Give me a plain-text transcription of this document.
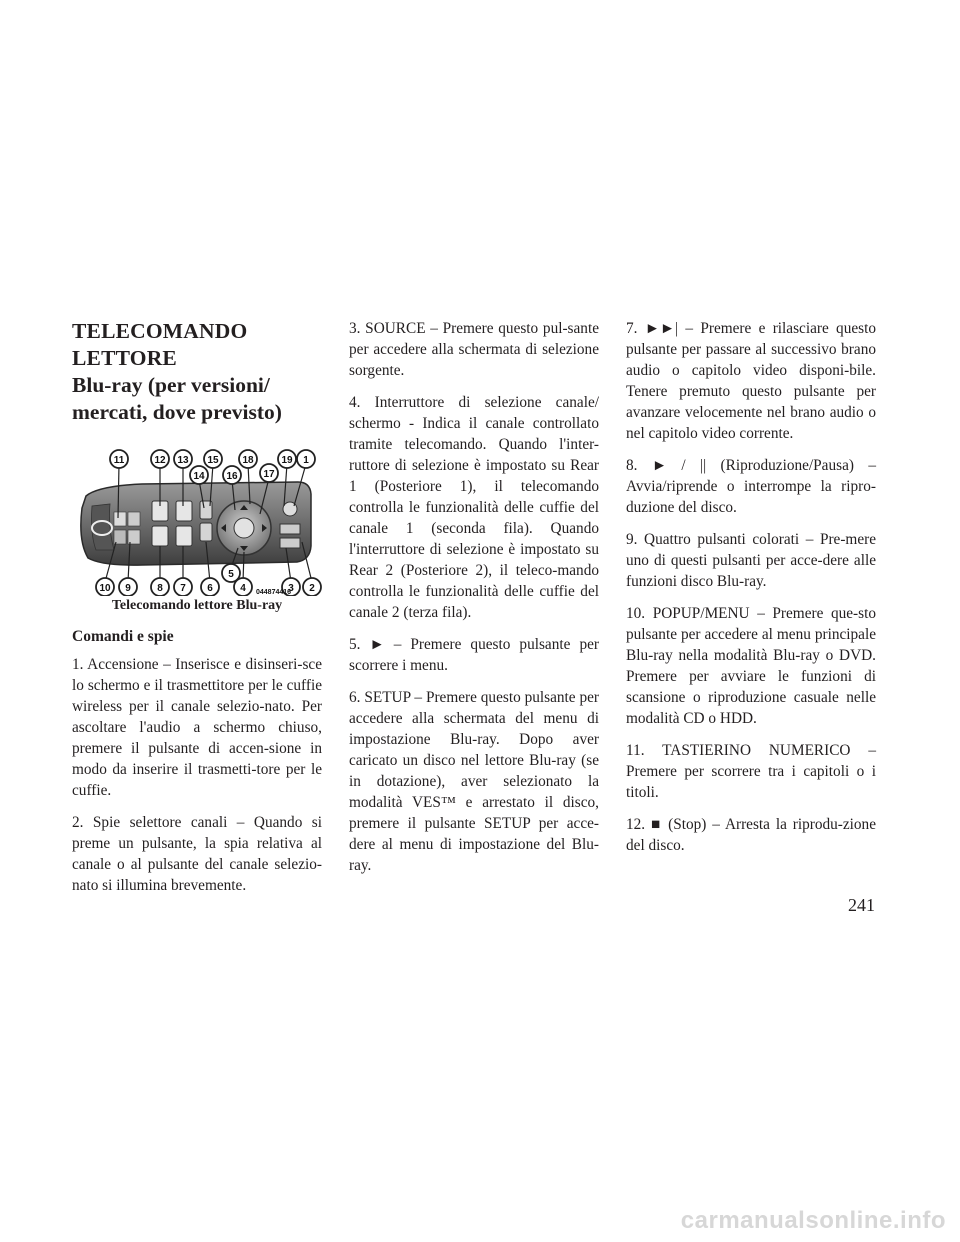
TELECOMANDO LETTORE
Blu-ray (per versioni/
mercati, dove previsto)
11	12 13
14
15
16
18
17
19 1
10 9	8 7 6
5
4	3 2
044874416
Telecomando lettore Blu-ray
Comandi e spie

1. Accensione – Inserisce e disinseri-sce lo schermo e il trasmettitore per le cuffie wireless per il canale selezio-nato. Per ascoltare l'audio a schermo chiuso, premere il pulsante di accen-sione in modo da inserire il trasmetti-tore per le cuffie.

2. Spie selettore canali – Quando si preme un pulsante, la spia relativa al canale o al pulsante del canale selezio-nato si illumina brevemente.

3. SOURCE – Premere questo pul-sante per accedere alla schermata di selezione sorgente.

4. Interruttore di selezione canale/ schermo - Indica il canale controllato tramite telecomando. Quando l'inter-ruttore di selezione è impostato su Rear 1 (Posteriore 1), il telecomando controlla le funzionalità delle cuffie del canale 1 (seconda fila). Quando l'interruttore di selezione è impostato su Rear 2 (Posteriore 2), il teleco-mando controlla le funzionalità delle cuffie del canale 2 (terza fila).

5. ► – Premere questo pulsante per scorrere i menu.

6. SETUP – Premere questo pulsante per accedere alla schermata del menu di impostazione Blu-ray. Dopo aver caricato un disco nel lettore Blu-ray (se in dotazione), aver selezionato la modalità VES™ e arrestato il disco, premere il pulsante SETUP per acce-dere al menu di impostazione del Blu-ray.

7. ►►| – Premere e rilasciare questo pulsante per passare al successivo brano audio o capitolo video disponi-bile. Tenere premuto questo pulsante per avanzare velocemente nel brano audio o nel capitolo video corrente.

8. ► / || (Riproduzione/Pausa) – Avvia/riprende o interrompe la ripro-duzione del disco.

9. Quattro pulsanti colorati – Pre-mere uno di questi pulsanti per acce-dere alle funzioni disco Blu-ray.

10. POPUP/MENU – Premere que-sto pulsante per accedere al menu principale Blu-ray nella modalità Blu-ray o DVD. Premere per avviare le funzioni di scansione o riproduzione casuale nelle modalità CD o HDD.

11. TASTIERINO NUMERICO – Premere per scorrere tra i capitoli o i titoli.

12. ■ (Stop) – Arresta la riprodu-zione del disco.

241
carmanualsonline.info
